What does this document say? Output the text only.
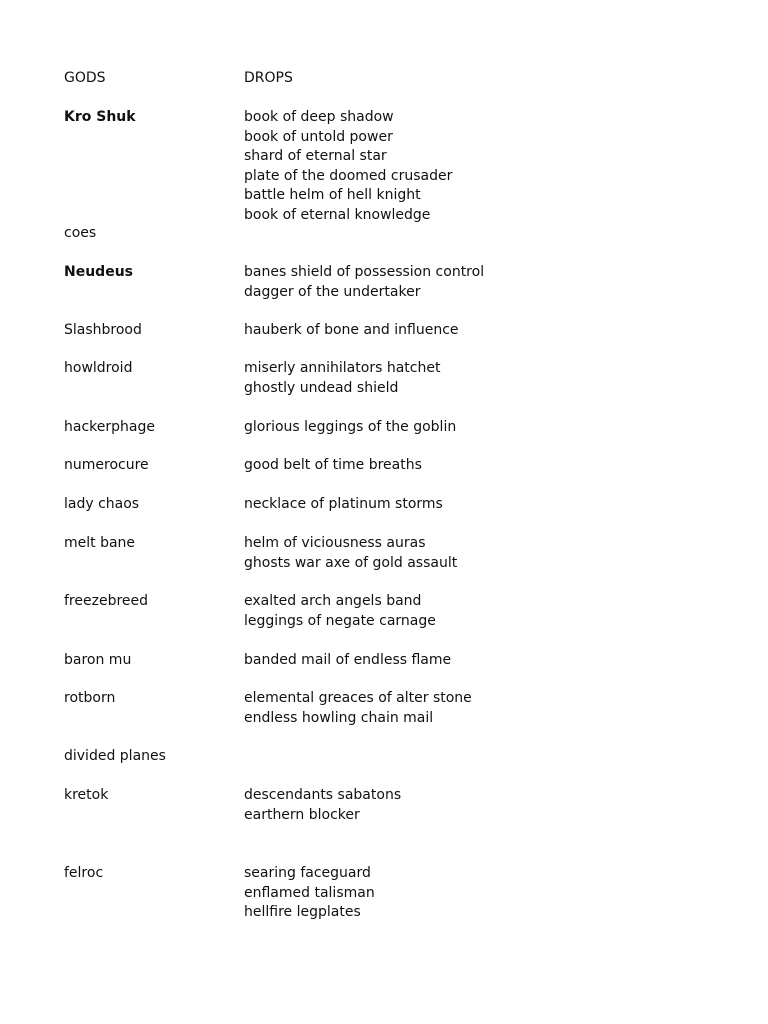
GODS	DROPS
Kro Shuk	book of deep shadow
book of untold power
shard of eternal star
plate of the doomed crusader
battle helm of hell knight
book of eternal knowledge
coes
Neudeus	banes shield of possession control
dagger of the undertaker
Slashbrood	hauberk of bone and influence
howldroid	miserly annihilators hatchet
ghostly undead shield
hackerphage	glorious leggings of the goblin
numerocure	good belt of time breaths
lady chaos	necklace of platinum storms
melt bane	helm of viciousness auras
ghosts war axe of gold assault
freezebreed	exalted arch angels band
leggings of negate carnage
baron mu	banded mail of endless flame
rotborn	elemental greaces of alter stone
endless howling chain mail
divided planes
kretok	descendants sabatons
earthern blocker
felroc	searing faceguard
enflamed talisman
hellfire legplates
